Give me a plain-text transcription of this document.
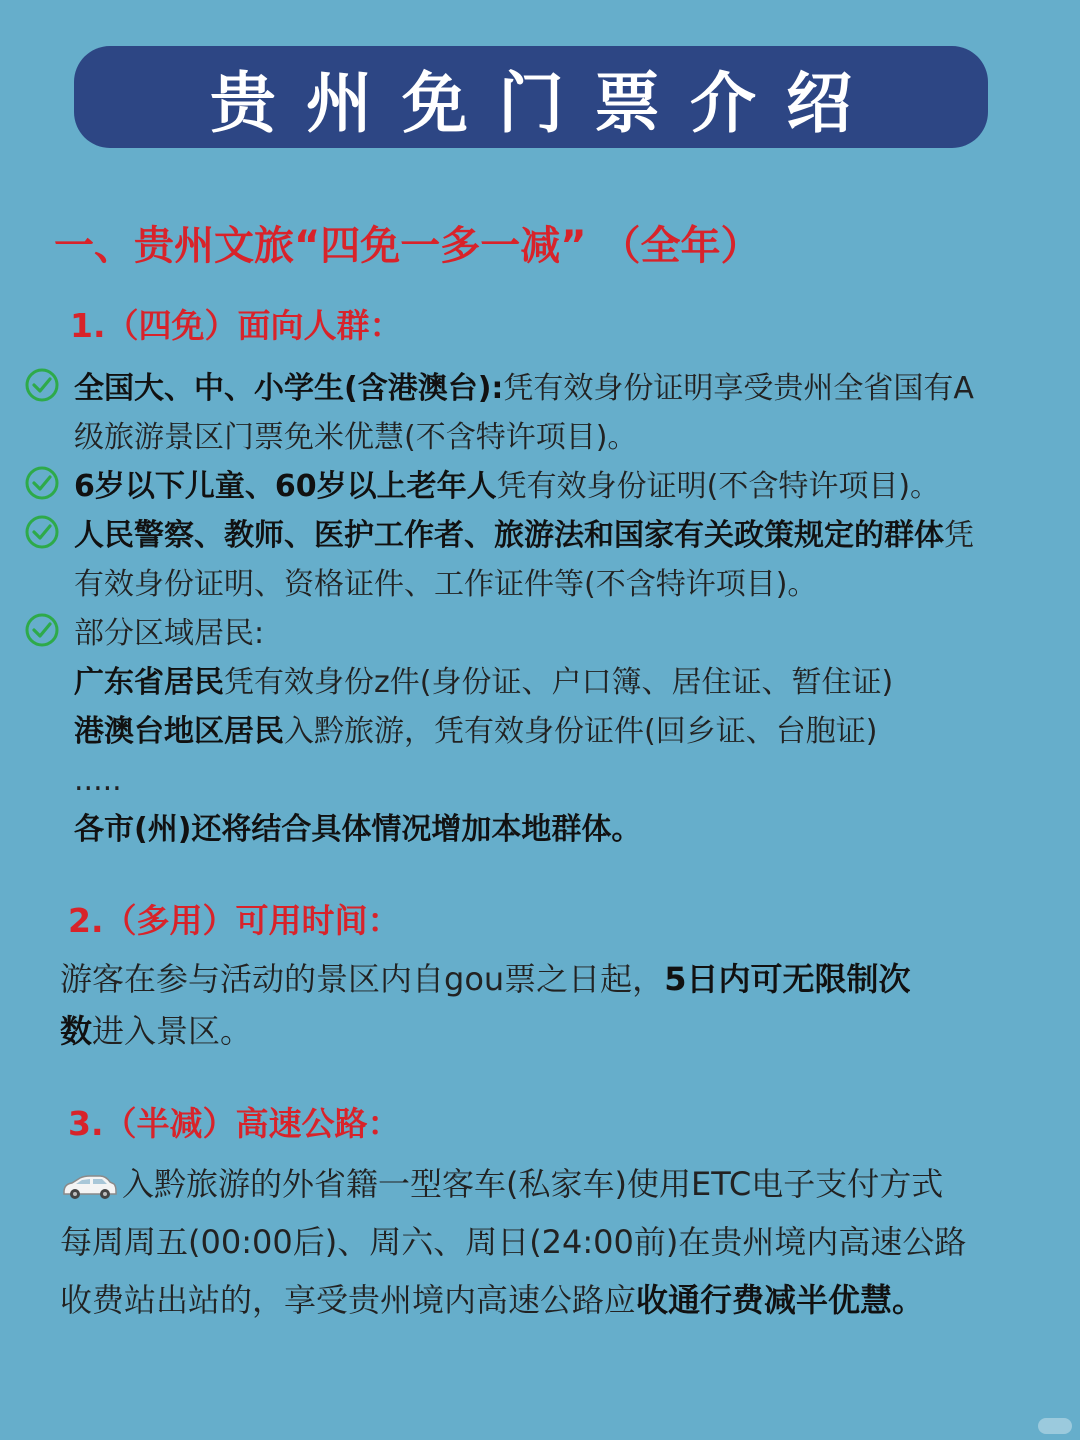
贵州免门票介绍
一、贵州文旅“四免一多一减” （全年）
1.（四免）面向人群：
全国大、中、小学生(含港澳台):凭有效身份证明享受贵州全省国有A
级旅游景区门票免米优慧(不含特许项目)。
6岁以下儿童、60岁以上老年人凭有效身份证明(不含特许项目)。
人民警察、教师、医护工作者、旅游法和国家有关政策规定的群体凭
有效身份证明、资格证件、工作证件等(不含特许项目)。
部分区域居民:
广东省居民凭有效身份z件(身份证、户口簿、居住证、暂住证)
港澳台地区居民入黔旅游，凭有效身份证件(回乡证、台胞证)
.....
各市(州)还将结合具体情况增加本地群体。
2.（多用）可用时间：
游客在参与活动的景区内自gou票之日起，5日内可无限制次
数进入景区。
3.（半减）高速公路：
入黔旅游的外省籍一型客车(私家车)使用ETC电子支付方式
每周周五(00:00后)、周六、周日(24:00前)在贵州境内高速公路
收费站出站的，享受贵州境内高速公路应收通行费减半优慧。
